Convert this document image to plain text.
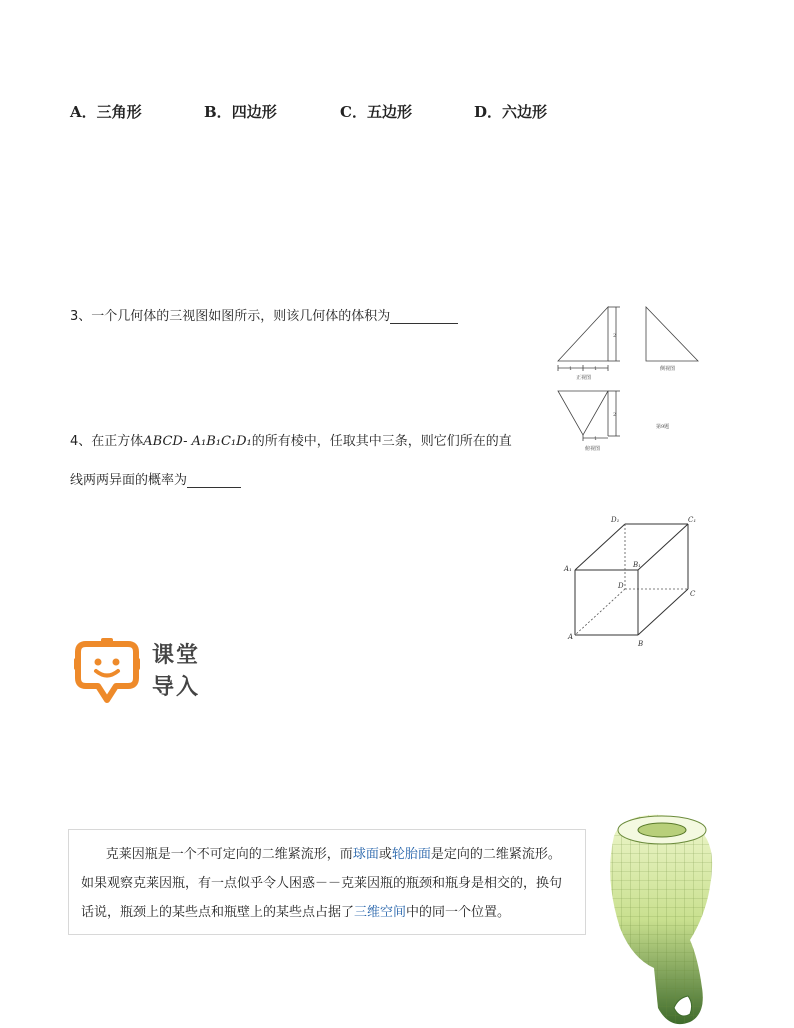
A．三角形	B．四边形	C．五边形	D．六边形
3、一个几何体的三视图如图所示，则该几何体的体积为
4、在正方体ABCD- A₁B₁C₁D₁的所有棱中，任取其中三条，则它们所在的直
线两两异面的概率为
2
1	1
正视图
侧视图
2
1
俯视图
第9题
D₁	C₁
A₁	B₁
D
C
A
B
课堂
导入

克莱因瓶是一个不可定向的二维紧流形，而球面或轮胎面是定向的二维紧流形。

如果观察克莱因瓶，有一点似乎令人困惑－－克莱因瓶的瓶颈和瓶身是相交的，换句

话说，瓶颈上的某些点和瓶壁上的某些点占据了三维空间中的同一个位置。
